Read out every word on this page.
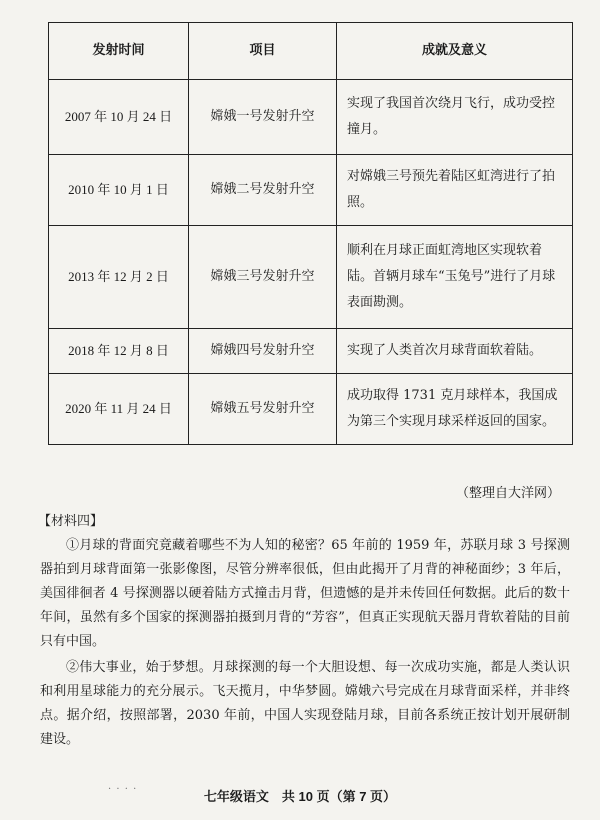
发射时间	项目	成就及意义
2007 年 10 月 24 日	嫦娥一号发射升空	实现了我国首次绕月飞行，成功受控撞月。
2010 年 10 月 1 日	嫦娥二号发射升空	对嫦娥三号预先着陆区虹湾进行了拍照。
2013 年 12 月 2 日	嫦娥三号发射升空	顺利在月球正面虹湾地区实现软着陆。首辆月球车“玉兔号”进行了月球表面勘测。
2018 年 12 月 8 日	嫦娥四号发射升空	实现了人类首次月球背面软着陆。
2020 年 11 月 24 日	嫦娥五号发射升空	成功取得 1731 克月球样本，我国成为第三个实现月球采样返回的国家。
（整理自大洋网）
【材料四】

①月球的背面究竟藏着哪些不为人知的秘密？65 年前的 1959 年，苏联月球 3 号探测器拍到月球背面第一张影像图，尽管分辨率很低，但由此揭开了月背的神秘面纱；3 年后，美国徘徊者 4 号探测器以硬着陆方式撞击月背，但遗憾的是并未传回任何数据。此后的数十年间，虽然有多个国家的探测器拍摄到月背的“芳容”，但真正实现航天器月背软着陆的目前只有中国。

②伟大事业，始于梦想。月球探测的每一个大胆设想、每一次成功实施，都是人类认识和利用星球能力的充分展示。飞天揽月，中华梦圆。嫦娥六号完成在月球背面采样，并非终点。据介绍，按照部署，2030 年前，中国人实现登陆月球，目前各系统正按计划开展研制建设。

· · · ·	七年级语文　共 10 页（第 7 页）
